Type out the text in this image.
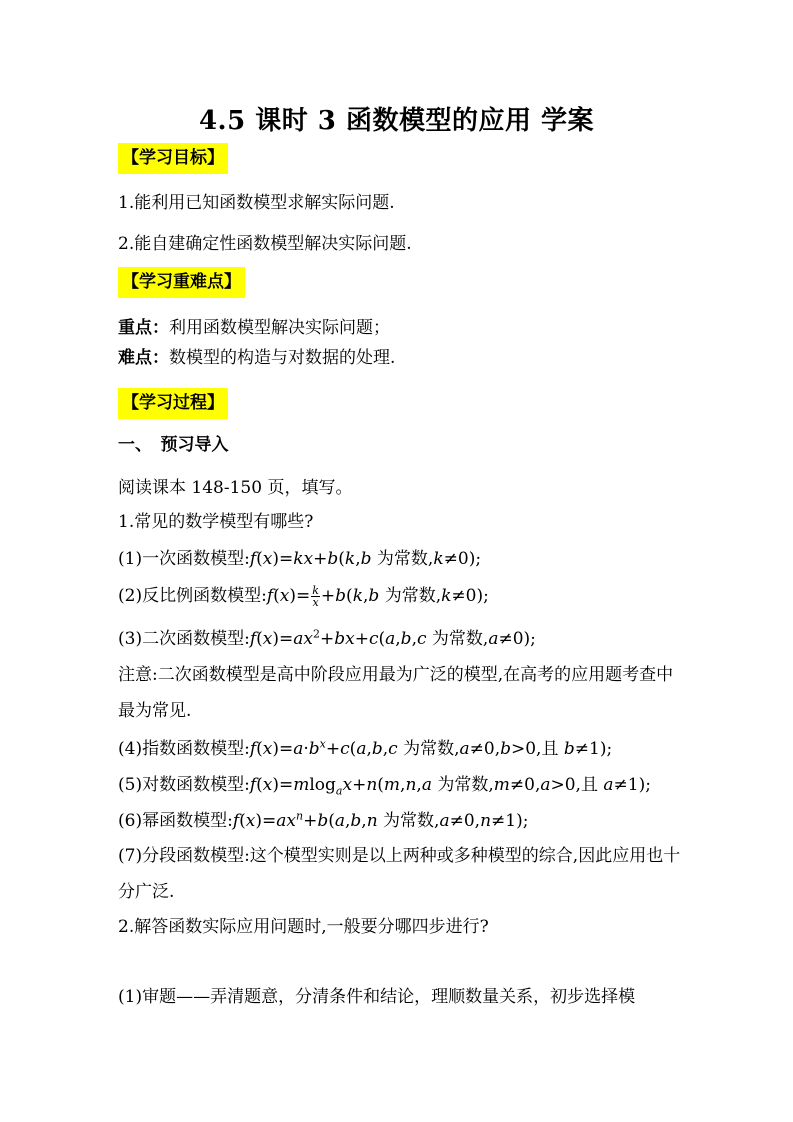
4.5 课时 3 函数模型的应用 学案
【学习目标】
1.能利用已知函数模型求解实际问题.
2.能自建确定性函数模型解决实际问题.
【学习重难点】
重点：利用函数模型解决实际问题；
难点：数模型的构造与对数据的处理.
【学习过程】
一、　预习导入
阅读课本 148-150 页，填写。
1.常见的数学模型有哪些?
(1)一次函数模型:f(x)=kx+b(k,b 为常数,k≠0);
(2)反比例函数模型:f(x)= $\frac{k}{x} +b(k,b$ 为常数,k≠0);
(3)二次函数模型$:f(x)=ax^2+bx+c(a,b,c$ 为常数,a≠0);
注意:二次函数模型是高中阶段应用最为广泛的模型,在高考的应用题考查中最为常见.
(4)指数函数模型$:f(x)=a\cdot b^x+c(a,b,c$ 为常数,a≠0,b>0,且 b≠1);
(5)对数函数模型:f(x)=mlog$_a$x+n(m,n,a 为常数,m≠0,a>0,且 a≠1);
(6)幂函数模型$:f(x)=ax^n+b(a,b,n$ 为常数,a≠0,n≠1);
(7)分段函数模型:这个模型实则是以上两种或多种模型的综合,因此应用也十分广泛.
2.解答函数实际应用问题时,一般要分哪四步进行?
(1)审题——弄清题意，分清条件和结论，理顺数量关系，初步选择模
